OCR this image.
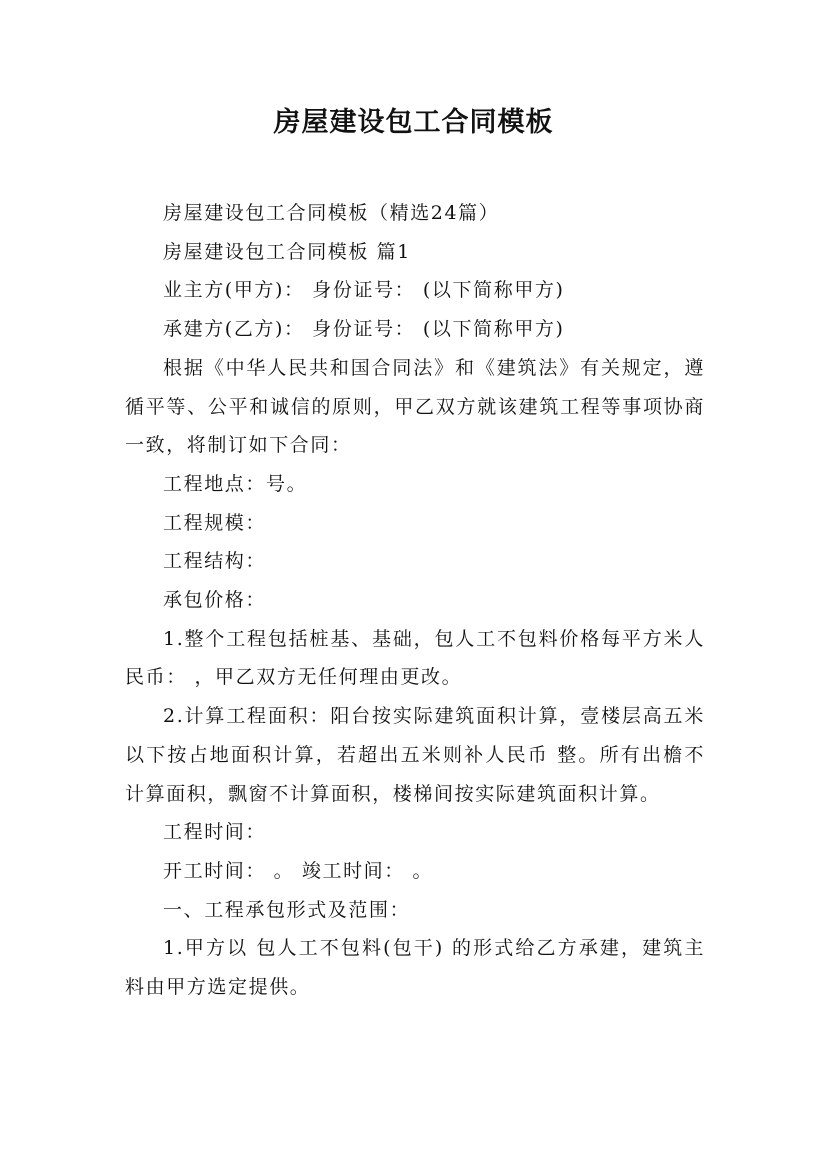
房屋建设包工合同模板

房屋建设包工合同模板（精选24篇）

房屋建设包工合同模板 篇1

业主方(甲方)： 身份证号： (以下简称甲方)

承建方(乙方)： 身份证号： (以下简称甲方)

根据《中华人民共和国合同法》和《建筑法》有关规定，遵循平等、公平和诚信的原则，甲乙双方就该建筑工程等事项协商一致，将制订如下合同：

工程地点：号。

工程规模：

工程结构：

承包价格：

1.整个工程包括桩基、基础，包人工不包料价格每平方米人民币： ，甲乙双方无任何理由更改。

2.计算工程面积：阳台按实际建筑面积计算，壹楼层高五米以下按占地面积计算，若超出五米则补人民币 整。所有出檐不计算面积，飘窗不计算面积，楼梯间按实际建筑面积计算。

工程时间：

开工时间： 。 竣工时间： 。

一、工程承包形式及范围：

1.甲方以 包人工不包料(包干) 的形式给乙方承建，建筑主料由甲方选定提供。
